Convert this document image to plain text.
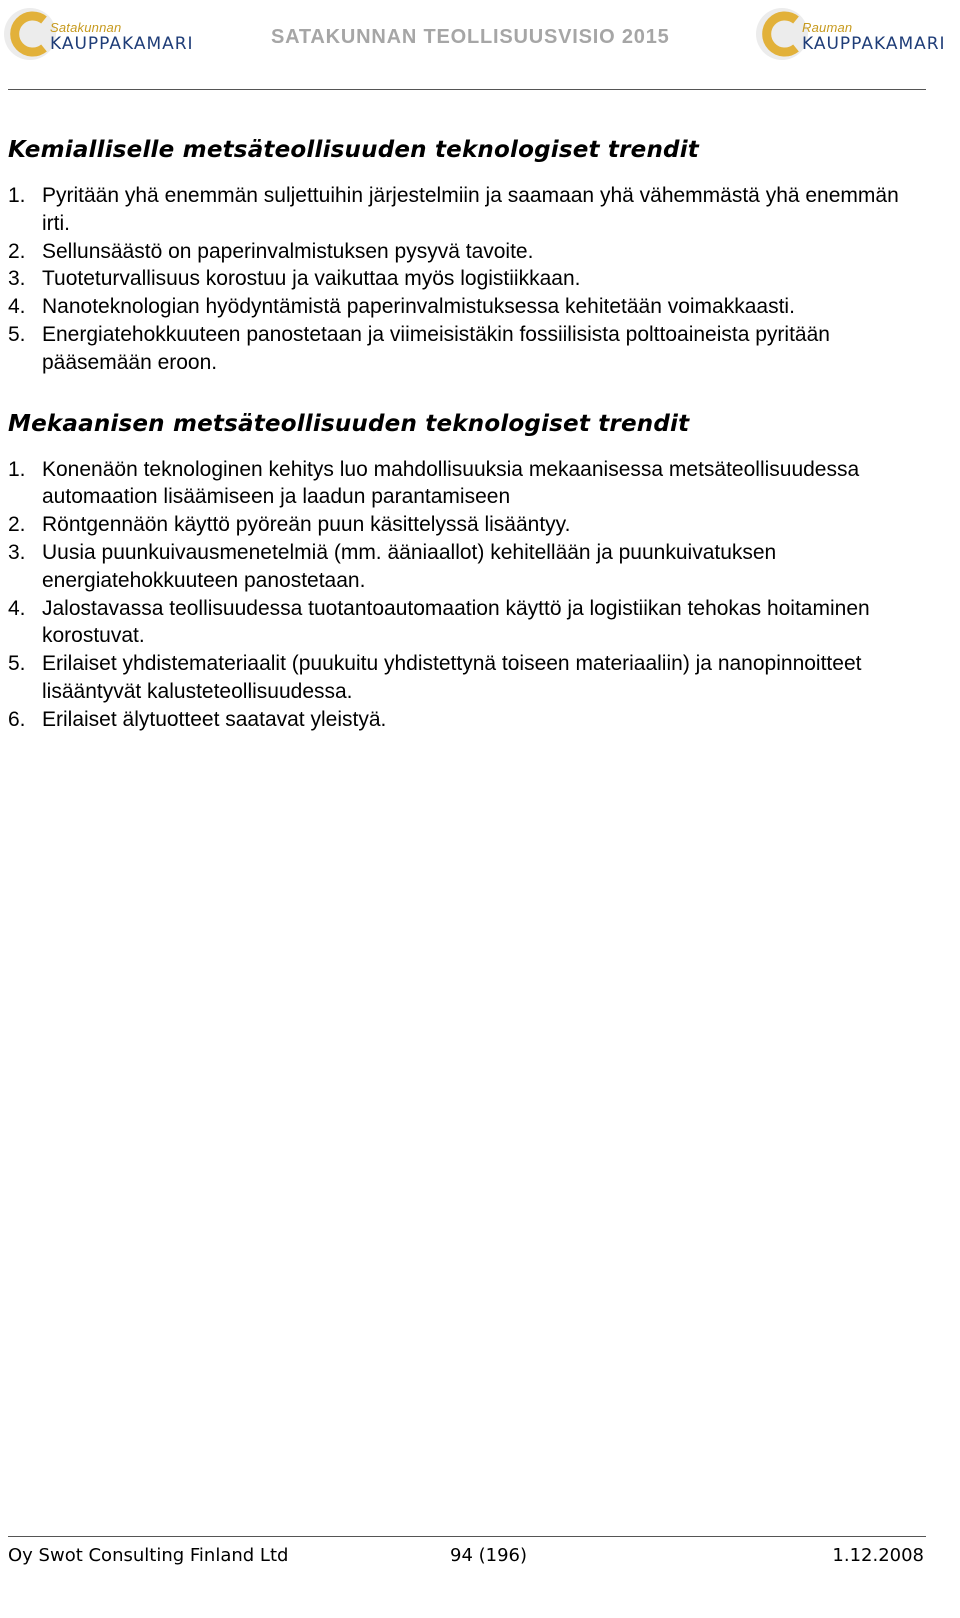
Satakunnan
KAUPPAKAMARI	SATAKUNNAN TEOLLISUUSVISIO 2015	Rauman
KAUPPAKAMARI
Kemialliselle metsäteollisuuden teknologiset trendit
1. Pyritään yhä enemmän suljettuihin järjestelmiin ja saamaan yhä vähemmästä yhä enemmän irti.
2. Sellunsäästö on paperinvalmistuksen pysyvä tavoite.
3. Tuoteturvallisuus korostuu ja vaikuttaa myös logistiikkaan.
4. Nanoteknologian hyödyntämistä paperinvalmistuksessa kehitetään voimakkaasti.
5. Energiatehokkuuteen panostetaan ja viimeisistäkin fossiilisista polttoaineista pyritään pääsemään eroon.
Mekaanisen metsäteollisuuden teknologiset trendit
1. Konenäön teknologinen kehitys luo mahdollisuuksia mekaanisessa metsäteollisuudessa automaation lisäämiseen ja laadun parantamiseen
2. Röntgennäön käyttö pyöreän puun käsittelyssä lisääntyy.
3. Uusia puunkuivausmenetelmiä (mm. ääniaallot) kehitellään ja puunkuivatuksen energiatehokkuuteen panostetaan.
4. Jalostavassa teollisuudessa tuotantoautomaation käyttö ja logistiikan tehokas hoitaminen korostuvat.
5. Erilaiset yhdistemateriaalit (puukuitu yhdistettynä toiseen materiaaliin) ja nanopinnoitteet lisääntyvät kalusteteollisuudessa.
6. Erilaiset älytuotteet saatavat yleistyä.
Oy Swot Consulting Finland Ltd	94 (196)	1.12.2008
